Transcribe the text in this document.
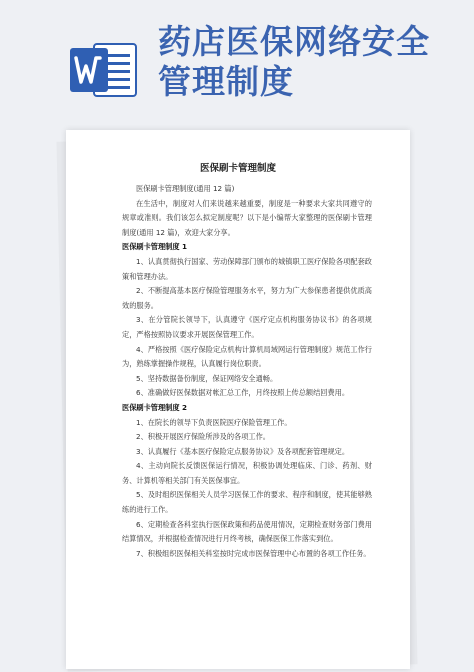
药店医保网络安全管理制度
医保刷卡管理制度

医保刷卡管理制度(通用 12 篇)

在生活中，制度对人们来说越来越重要，制度是一种要求大家共同遵守的规章或准则。我们该怎么拟定制度呢？以下是小编帮大家整理的医保刷卡管理制度(通用 12 篇)，欢迎大家分享。

医保刷卡管理制度 1

1、认真贯彻执行国家、劳动保障部门颁布的城镇职工医疗保险各项配套政策和管理办法。

2、不断提高基本医疗保险管理服务水平，努力为广大参保患者提供优质高效的服务。

3、在分管院长领导下，认真遵守《医疗定点机构服务协议书》的各项规定，严格按照协议要求开展医保管理工作。

4、严格按照《医疗保险定点机构计算机局域网运行管理制度》规范工作行为，熟练掌握操作规程，认真履行岗位职责。

5、坚持数据备份制度，保证网络安全通畅。

6、准确做好医保数据对帐汇总工作，月终按照上传总额结回费用。

医保刷卡管理制度 2

1、在院长的领导下负责医院医疗保险管理工作。

2、积极开展医疗保险所涉及的各项工作。

3、认真履行《基本医疗保险定点服务协议》及各项配套管理规定。

4、主动向院长反馈医保运行情况，积极协调处理临床、门诊、药剂、财务、计算机等相关部门有关医保事宜。

5、及时组织医保相关人员学习医保工作的要求、程序和制度，使其能够熟练的进行工作。

6、定期检查各科室执行医保政策和药品使用情况，定期检查财务部门费用结算情况，并根据检查情况进行月终考核，确保医保工作落实到位。

7、积极组织医保相关科室按时完成市医保管理中心布置的各项工作任务。
